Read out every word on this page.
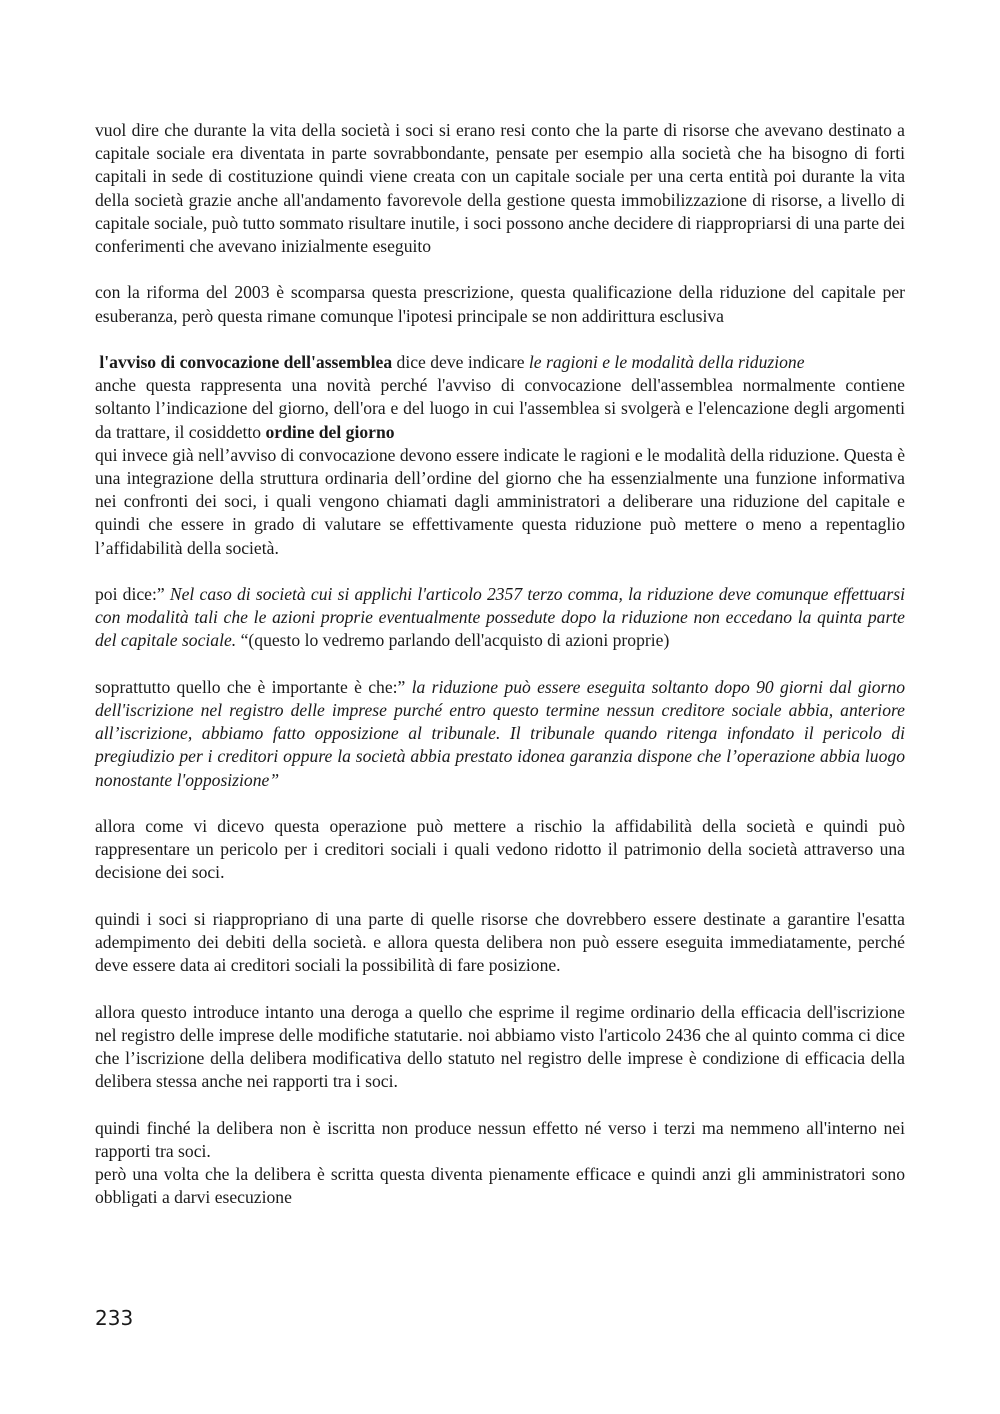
vuol dire che durante la vita della società i soci si erano resi conto che la parte di risorse che avevano destinato a capitale sociale era diventata in parte sovrabbondante, pensate per esempio alla società che ha bisogno di forti capitali in sede di costituzione quindi viene creata con un capitale sociale per una certa entità poi durante la vita della società grazie anche all'andamento favorevole della gestione questa immobilizzazione di risorse, a livello di capitale sociale, può tutto sommato risultare inutile, i soci possono anche decidere di riappropriarsi di una parte dei conferimenti che avevano inizialmente eseguito

con la riforma del 2003 è scomparsa questa prescrizione, questa qualificazione della riduzione del capitale per esuberanza, però questa rimane comunque l'ipotesi principale se non addirittura esclusiva

l'avviso di convocazione dell'assemblea dice deve indicare le ragioni e le modalità della riduzione

anche questa rappresenta una novità perché l'avviso di convocazione dell'assemblea normalmente contiene soltanto l’indicazione del giorno, dell'ora e del luogo in cui l'assemblea si svolgerà e l'elencazione degli argomenti da trattare, il cosiddetto ordine del giorno

qui invece già nell’avviso di convocazione devono essere indicate le ragioni e le modalità della riduzione. Questa è una integrazione della struttura ordinaria dell’ordine del giorno che ha essenzialmente una funzione informativa nei confronti dei soci, i quali vengono chiamati dagli amministratori a deliberare una riduzione del capitale e quindi che essere in grado di valutare se effettivamente questa riduzione può mettere o meno a repentaglio l’affidabilità della società.

poi dice:” Nel caso di società cui si applichi l'articolo 2357 terzo comma, la riduzione deve comunque effettuarsi con modalità tali che le azioni proprie eventualmente possedute dopo la riduzione non eccedano la quinta parte del capitale sociale. “(questo lo vedremo parlando dell'acquisto di azioni proprie)

soprattutto quello che è importante è che:” la riduzione può essere eseguita soltanto dopo 90 giorni dal giorno dell'iscrizione nel registro delle imprese purché entro questo termine nessun creditore sociale abbia, anteriore all’iscrizione, abbiamo fatto opposizione al tribunale. Il tribunale quando ritenga infondato il pericolo di pregiudizio per i creditori oppure la società abbia prestato idonea garanzia dispone che l’operazione abbia luogo nonostante l'opposizione”

allora come vi dicevo questa operazione può mettere a rischio la affidabilità della società e quindi può rappresentare un pericolo per i creditori sociali i quali vedono ridotto il patrimonio della società attraverso una decisione dei soci.

quindi i soci si riappropriano di una parte di quelle risorse che dovrebbero essere destinate a garantire l'esatta adempimento dei debiti della società. e allora questa delibera non può essere eseguita immediatamente, perché deve essere data ai creditori sociali la possibilità di fare posizione.

allora questo introduce intanto una deroga a quello che esprime il regime ordinario della efficacia dell'iscrizione nel registro delle imprese delle modifiche statutarie. noi abbiamo visto l'articolo 2436 che al quinto comma ci dice che l’iscrizione della delibera modificativa dello statuto nel registro delle imprese è condizione di efficacia della delibera stessa anche nei rapporti tra i soci.

quindi finché la delibera non è iscritta non produce nessun effetto né verso i terzi ma nemmeno all'interno nei rapporti tra soci.

però una volta che la delibera è scritta questa diventa pienamente efficace e quindi anzi gli amministratori sono obbligati a darvi esecuzione

233
